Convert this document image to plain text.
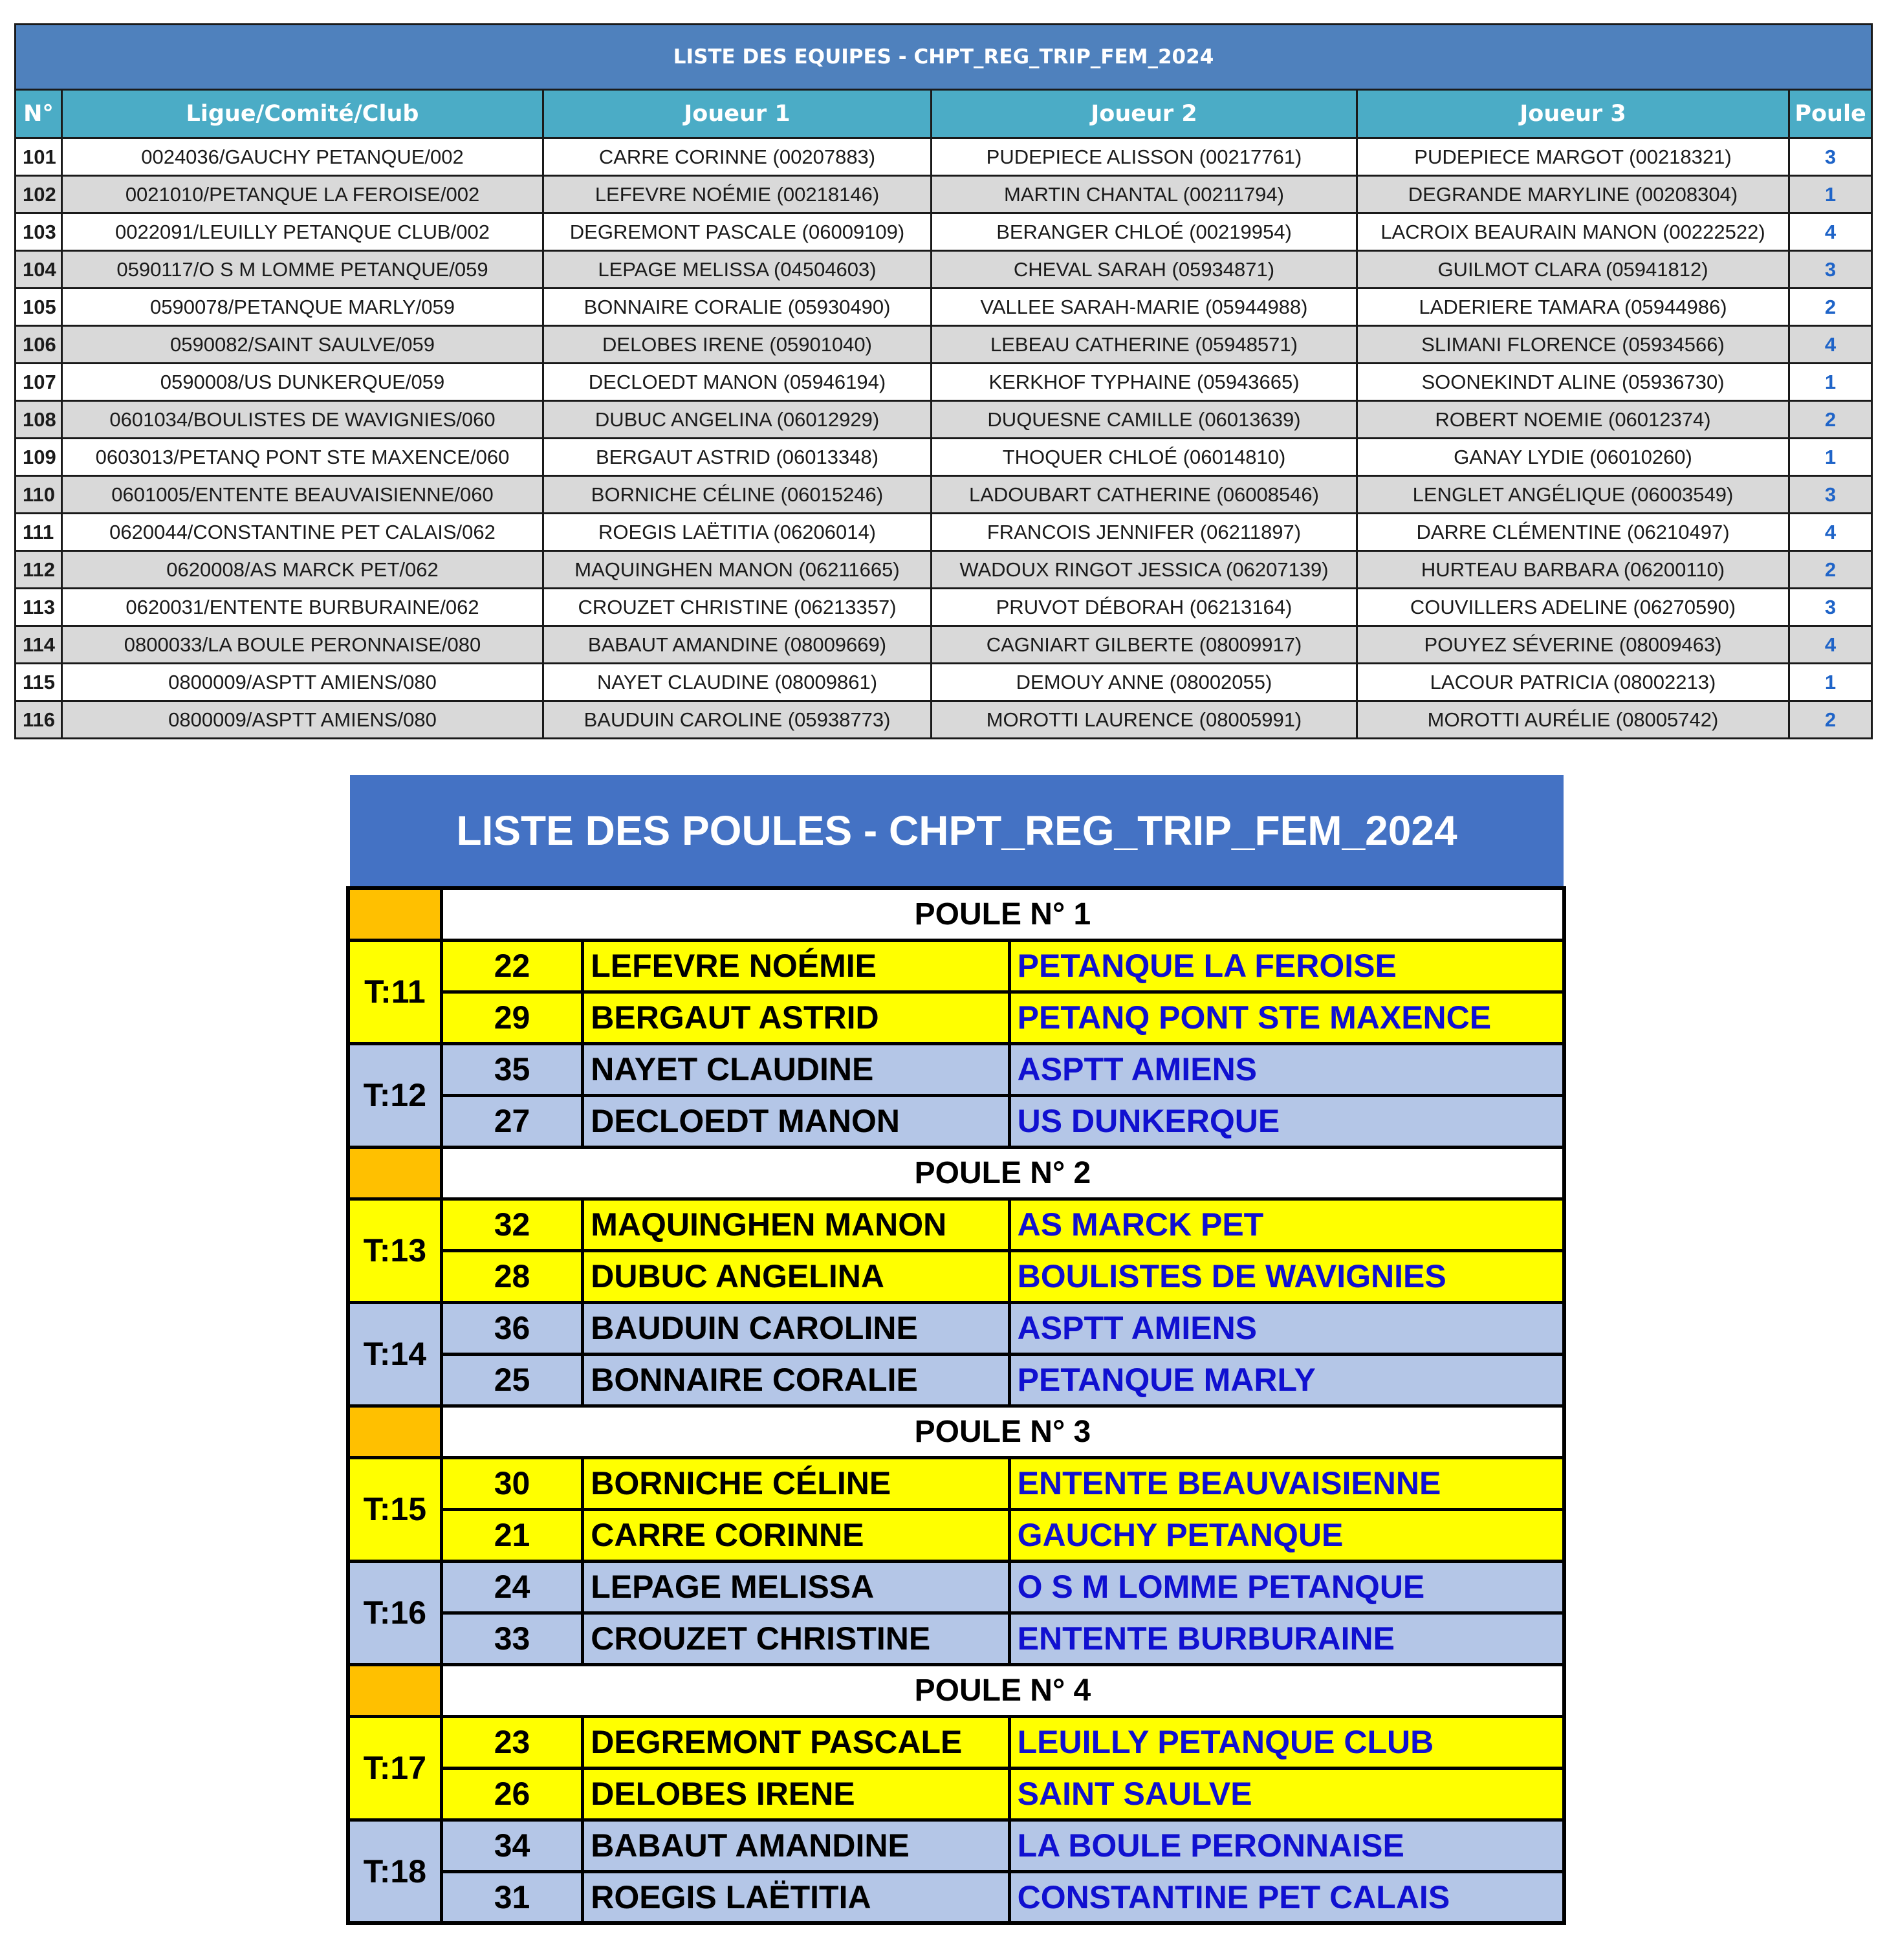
LISTE DES EQUIPES - CHPT_REG_TRIP_FEM_2024					
N°	Ligue/Comité/Club	Joueur 1	Joueur 2	Joueur 3	Poule
101	0024036/GAUCHY PETANQUE/002	CARRE CORINNE (00207883)	PUDEPIECE ALISSON (00217761)	PUDEPIECE MARGOT (00218321)	3
102	0021010/PETANQUE LA FEROISE/002	LEFEVRE NOÉMIE (00218146)	MARTIN CHANTAL (00211794)	DEGRANDE MARYLINE (00208304)	1
103	0022091/LEUILLY PETANQUE CLUB/002	DEGREMONT PASCALE (06009109)	BERANGER CHLOÉ (00219954)	LACROIX BEAURAIN MANON (00222522)	4
104	0590117/O S M LOMME PETANQUE/059	LEPAGE MELISSA (04504603)	CHEVAL SARAH (05934871)	GUILMOT CLARA (05941812)	3
105	0590078/PETANQUE MARLY/059	BONNAIRE CORALIE (05930490)	VALLEE SARAH-MARIE (05944988)	LADERIERE TAMARA (05944986)	2
106	0590082/SAINT SAULVE/059	DELOBES IRENE (05901040)	LEBEAU CATHERINE (05948571)	SLIMANI FLORENCE (05934566)	4
107	0590008/US DUNKERQUE/059	DECLOEDT MANON (05946194)	KERKHOF TYPHAINE (05943665)	SOONEKINDT ALINE (05936730)	1
108	0601034/BOULISTES DE WAVIGNIES/060	DUBUC ANGELINA (06012929)	DUQUESNE CAMILLE (06013639)	ROBERT NOEMIE (06012374)	2
109	0603013/PETANQ PONT STE MAXENCE/060	BERGAUT ASTRID (06013348)	THOQUER CHLOÉ (06014810)	GANAY LYDIE (06010260)	1
110	0601005/ENTENTE BEAUVAISIENNE/060	BORNICHE CÉLINE (06015246)	LADOUBART CATHERINE (06008546)	LENGLET ANGÉLIQUE (06003549)	3
111	0620044/CONSTANTINE PET CALAIS/062	ROEGIS LAËTITIA (06206014)	FRANCOIS JENNIFER (06211897)	DARRE CLÉMENTINE (06210497)	4
112	0620008/AS MARCK PET/062	MAQUINGHEN MANON (06211665)	WADOUX RINGOT JESSICA (06207139)	HURTEAU BARBARA (06200110)	2
113	0620031/ENTENTE BURBURAINE/062	CROUZET CHRISTINE (06213357)	PRUVOT DÉBORAH (06213164)	COUVILLERS ADELINE (06270590)	3
114	0800033/LA BOULE PERONNAISE/080	BABAUT AMANDINE (08009669)	CAGNIART GILBERTE (08009917)	POUYEZ SÉVERINE (08009463)	4
115	0800009/ASPTT AMIENS/080	NAYET CLAUDINE (08009861)	DEMOUY ANNE (08002055)	LACOUR PATRICIA (08002213)	1
116	0800009/ASPTT AMIENS/080	BAUDUIN CAROLINE (05938773)	MOROTTI LAURENCE (08005991)	MOROTTI AURÉLIE (08005742)	2
LISTE DES POULES - CHPT_REG_TRIP_FEM_2024
	POULE N° 1		
T:11	22	LEFEVRE NOÉMIE	PETANQUE LA FEROISE
	29	BERGAUT ASTRID	PETANQ PONT STE MAXENCE
T:12	35	NAYET CLAUDINE	ASPTT AMIENS
	27	DECLOEDT MANON	US DUNKERQUE
	POULE N° 2		
T:13	32	MAQUINGHEN MANON	AS MARCK PET
	28	DUBUC ANGELINA	BOULISTES DE WAVIGNIES
T:14	36	BAUDUIN CAROLINE	ASPTT AMIENS
	25	BONNAIRE CORALIE	PETANQUE MARLY
	POULE N° 3		
T:15	30	BORNICHE CÉLINE	ENTENTE BEAUVAISIENNE
	21	CARRE CORINNE	GAUCHY PETANQUE
T:16	24	LEPAGE MELISSA	O S M LOMME PETANQUE
	33	CROUZET CHRISTINE	ENTENTE BURBURAINE
	POULE N° 4		
T:17	23	DEGREMONT PASCALE	LEUILLY PETANQUE CLUB
	26	DELOBES IRENE	SAINT SAULVE
T:18	34	BABAUT AMANDINE	LA BOULE PERONNAISE
	31	ROEGIS LAËTITIA	CONSTANTINE PET CALAIS
